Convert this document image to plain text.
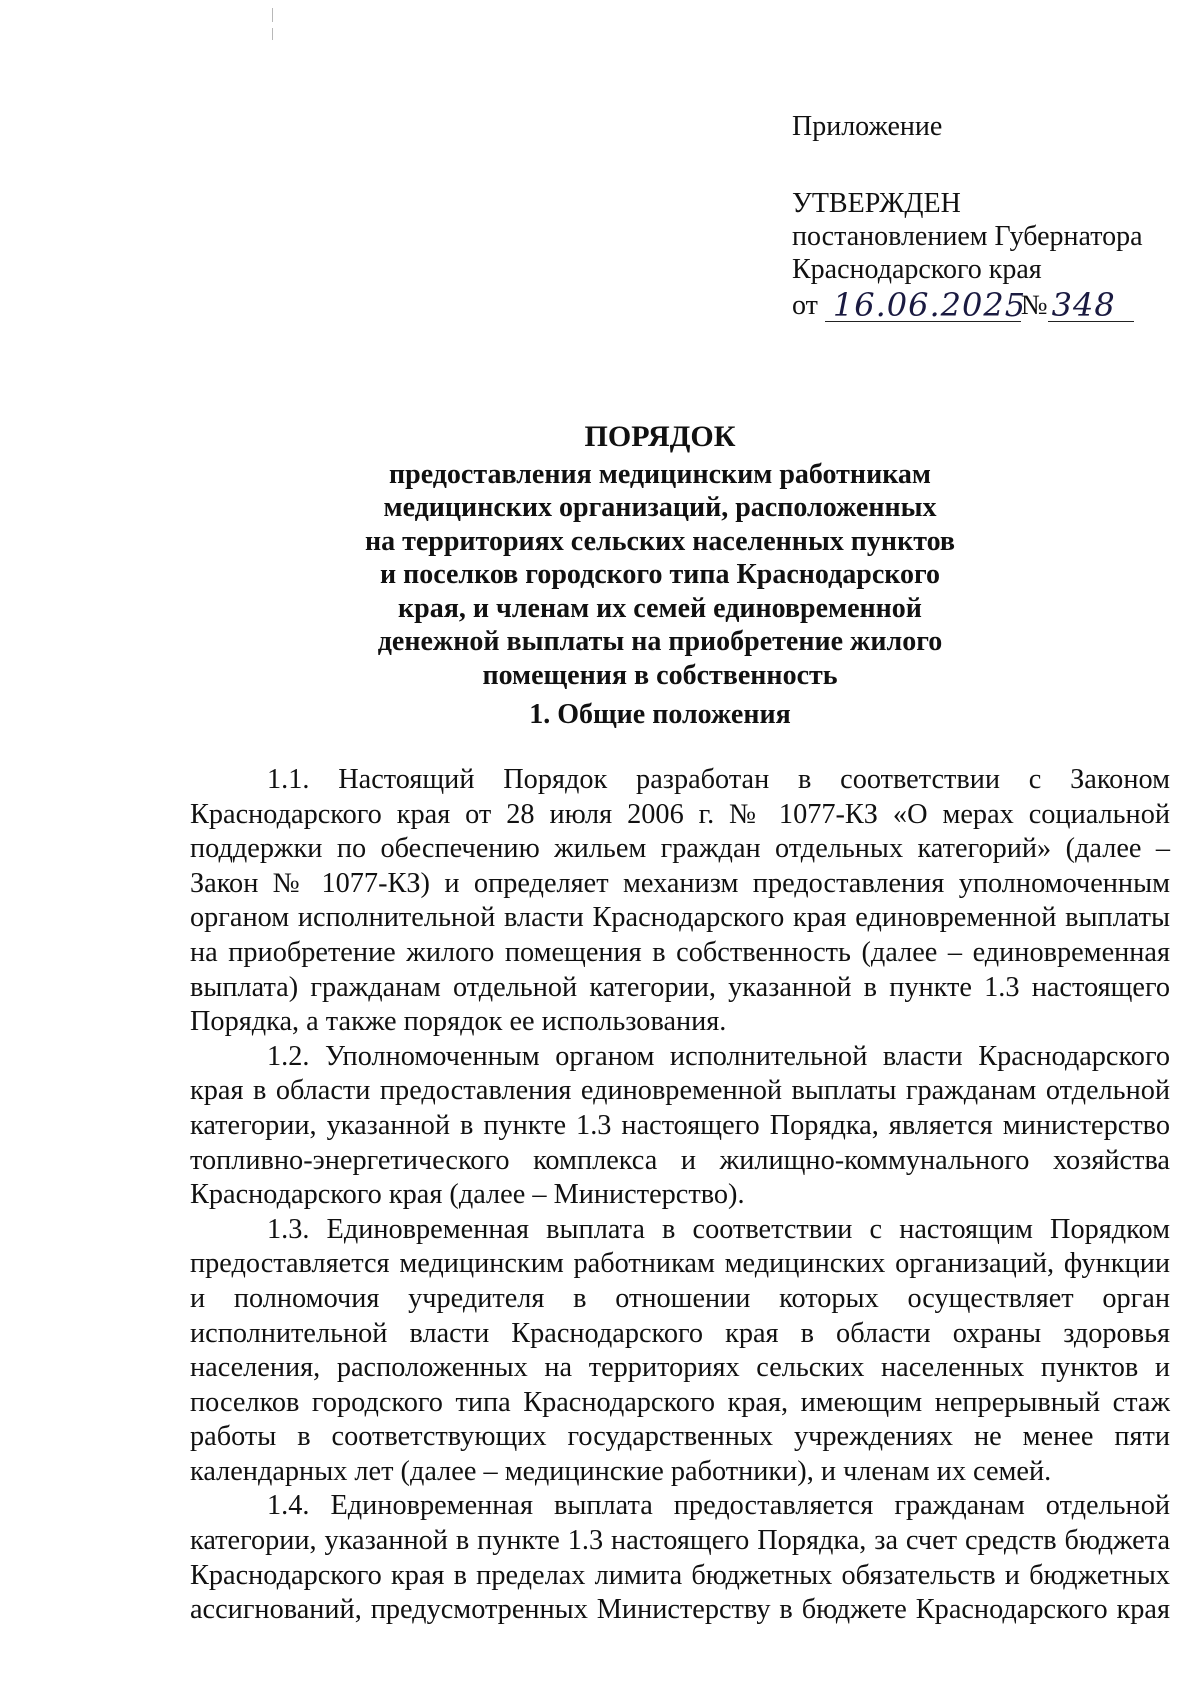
Приложение
УТВЕРЖДЕН
постановлением Губернатора
Краснодарского края
от 16.06.2025№ 348
ПОРЯДОК
предоставления медицинским работникам
медицинских организаций, расположенных
на территориях сельских населенных пунктов
и поселков городского типа Краснодарского
края, и членам их семей единовременной
денежной выплаты на приобретение жилого
помещения в собственность
1. Общие положения
1.1. Настоящий Порядок разработан в соответствии с Законом
Краснодарского края от 28 июля 2006 г. № 1077-КЗ «О мерах социальной
поддержки по обеспечению жильем граждан отдельных категорий» (далее –
Закон № 1077-КЗ) и определяет механизм предоставления уполномоченным
органом исполнительной власти Краснодарского края единовременной выплаты
на приобретение жилого помещения в собственность (далее – единовременная
выплата) гражданам отдельной категории, указанной в пункте 1.3 настоящего
Порядка, а также порядок ее использования.
1.2. Уполномоченным органом исполнительной власти Краснодарского
края в области предоставления единовременной выплаты гражданам отдельной
категории, указанной в пункте 1.3 настоящего Порядка, является министерство
топливно-энергетического комплекса и жилищно-коммунального хозяйства
Краснодарского края (далее – Министерство).
1.3. Единовременная выплата в соответствии с настоящим Порядком
предоставляется медицинским работникам медицинских организаций, функции
и полномочия учредителя в отношении которых осуществляет орган
исполнительной власти Краснодарского края в области охраны здоровья
населения, расположенных на территориях сельских населенных пунктов и
поселков городского типа Краснодарского края, имеющим непрерывный стаж
работы в соответствующих государственных учреждениях не менее пяти
календарных лет (далее – медицинские работники), и членам их семей.
1.4. Единовременная выплата предоставляется гражданам отдельной
категории, указанной в пункте 1.3 настоящего Порядка, за счет средств бюджета
Краснодарского края в пределах лимита бюджетных обязательств и бюджетных
ассигнований, предусмотренных Министерству в бюджете Краснодарского края
